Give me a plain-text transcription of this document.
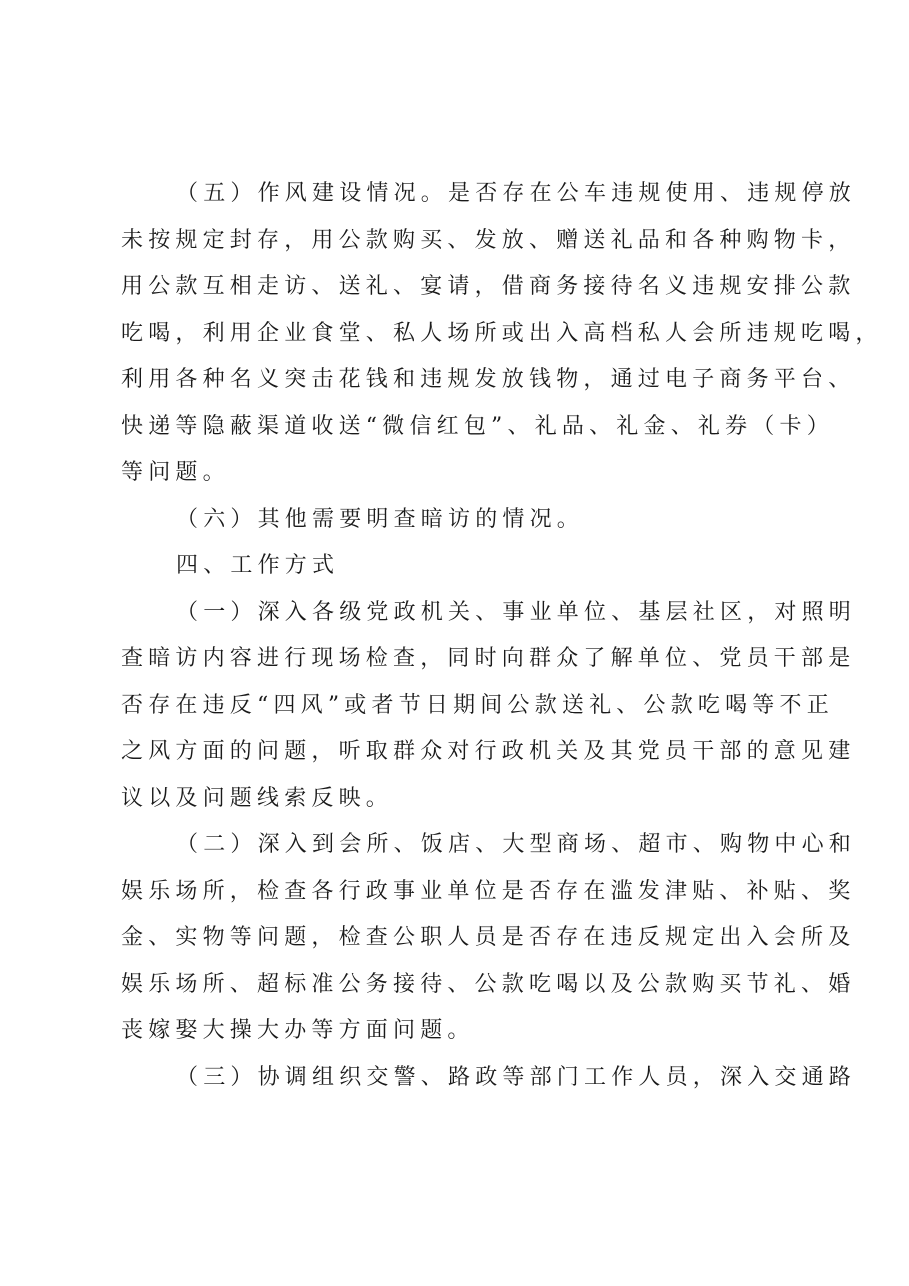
（五）作风建设情况。是否存在公车违规使用、违规停放
未按规定封存，用公款购买、发放、赠送礼品和各种购物卡，
用公款互相走访、送礼、宴请，借商务接待名义违规安排公款
吃喝，利用企业食堂、私人场所或出入高档私人会所违规吃喝，
利用各种名义突击花钱和违规发放钱物，通过电子商务平台、
快递等隐蔽渠道收送“微信红包”、礼品、礼金、礼券（卡）
等问题。
（六）其他需要明查暗访的情况。
四、工作方式
（一）深入各级党政机关、事业单位、基层社区，对照明
查暗访内容进行现场检查，同时向群众了解单位、党员干部是
否存在违反“四风”或者节日期间公款送礼、公款吃喝等不正
之风方面的问题，听取群众对行政机关及其党员干部的意见建
议以及问题线索反映。
（二）深入到会所、饭店、大型商场、超市、购物中心和
娱乐场所，检查各行政事业单位是否存在滥发津贴、补贴、奖
金、实物等问题，检查公职人员是否存在违反规定出入会所及
娱乐场所、超标准公务接待、公款吃喝以及公款购买节礼、婚
丧嫁娶大操大办等方面问题。
（三）协调组织交警、路政等部门工作人员，深入交通路
